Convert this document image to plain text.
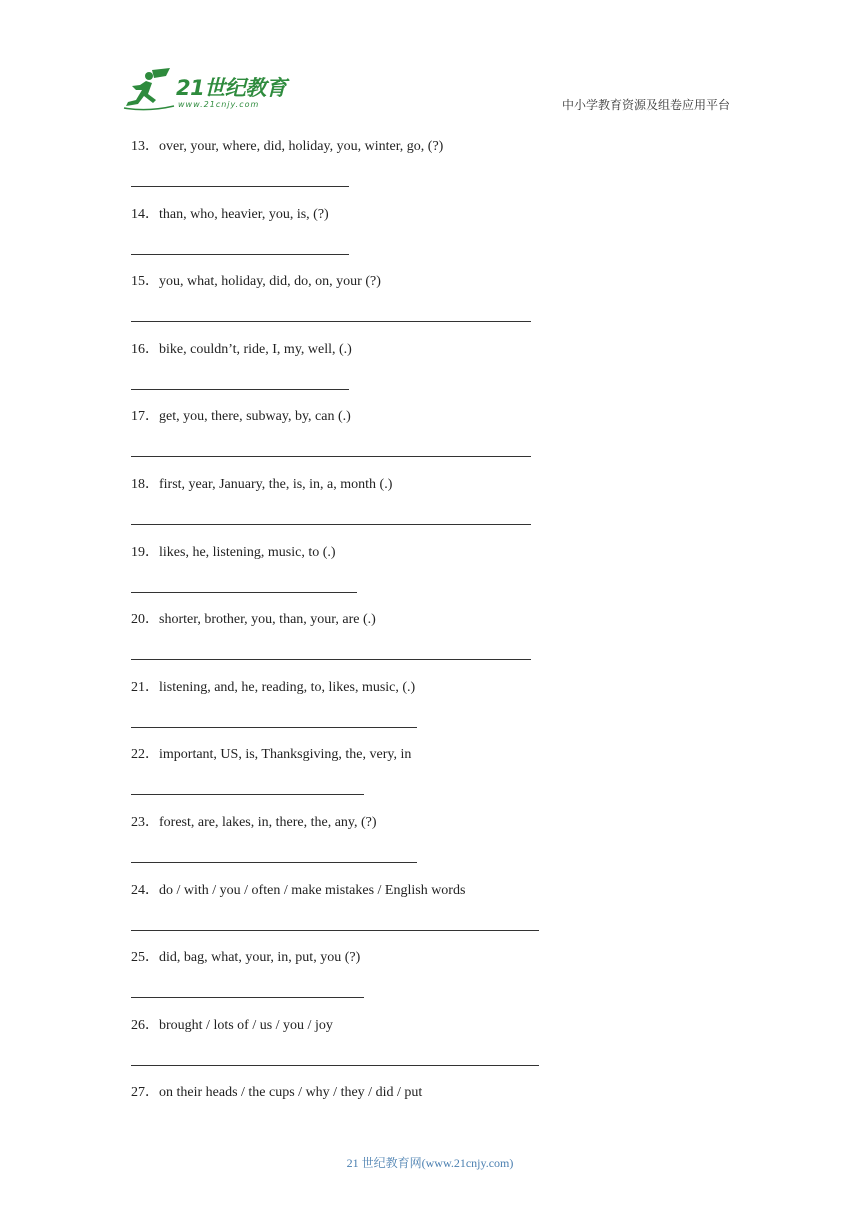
21世纪教育
www.21cnjy.com	中小学教育资源及组卷应用平台
13．over, your, where, did, holiday, you, winter, go, (?)
14．than, who, heavier, you, is, (?)
15．you, what, holiday, did, do, on, your (?)
16．bike, couldn’t, ride, I, my, well, (.)
17．get, you, there, subway, by, can (.)
18．first, year, January, the, is, in, a, month (.)
19．likes, he, listening, music, to (.)
20．shorter, brother, you, than, your, are (.)
21．listening, and, he, reading, to, likes, music, (.)
22．important, US, is, Thanksgiving, the, very, in
23．forest, are, lakes, in, there, the, any, (?)
24．do / with / you / often / make mistakes / English words
25．did, bag, what, your, in, put, you (?)
26．brought / lots of / us / you / joy
27．on their heads / the cups / why / they / did / put
21 世纪教育网(www.21cnjy.com)
